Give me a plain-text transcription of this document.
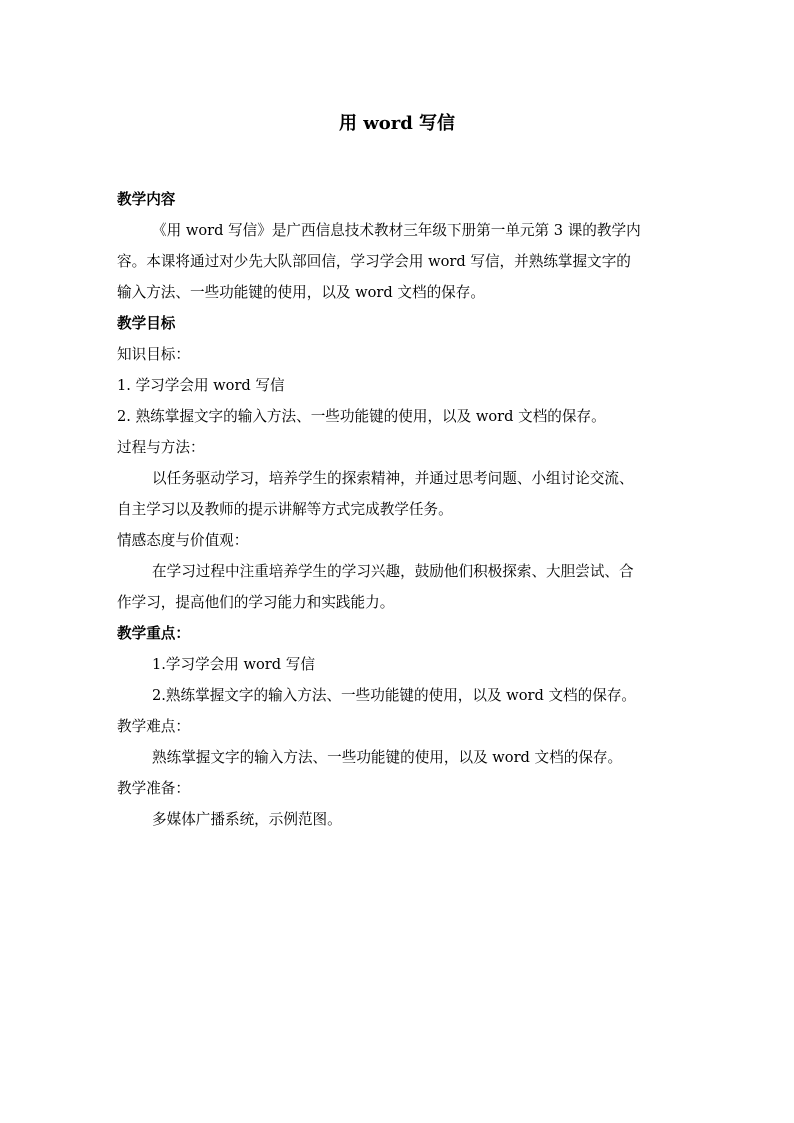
用 word 写信
教学内容
《用 word 写信》是广西信息技术教材三年级下册第一单元第 3 课的教学内
容。本课将通过对少先大队部回信，学习学会用 word 写信，并熟练掌握文字的
输入方法、一些功能键的使用，以及 word 文档的保存。
教学目标
知识目标：
1. 学习学会用 word 写信
2. 熟练掌握文字的输入方法、一些功能键的使用，以及 word 文档的保存。
过程与方法：
以任务驱动学习，培养学生的探索精神，并通过思考问题、小组讨论交流、
自主学习以及教师的提示讲解等方式完成教学任务。
情感态度与价值观：
在学习过程中注重培养学生的学习兴趣，鼓励他们积极探索、大胆尝试、合
作学习，提高他们的学习能力和实践能力。
教学重点：
1.学习学会用 word 写信
2.熟练掌握文字的输入方法、一些功能键的使用，以及 word 文档的保存。
教学难点：
熟练掌握文字的输入方法、一些功能键的使用，以及 word 文档的保存。
教学准备：
多媒体广播系统，示例范图。
